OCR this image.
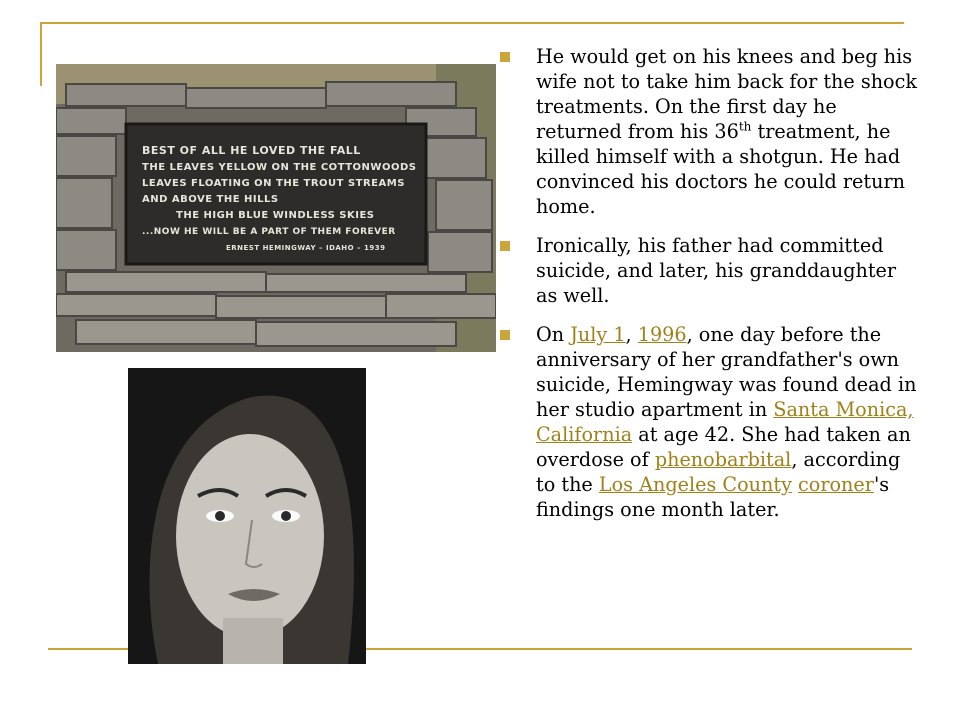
BEST OF ALL HE LOVED THE FALL
THE LEAVES YELLOW ON THE COTTONWOODS
LEAVES FLOATING ON THE TROUT STREAMS
AND ABOVE THE HILLS
THE HIGH BLUE WINDLESS SKIES
...NOW HE WILL BE A PART OF THEM FOREVER
ERNEST HEMINGWAY – IDAHO – 1939
He would get on his knees and beg his wife not to take him back for the shock treatments. On the first day he returned from his 36th treatment, he killed himself with a shotgun. He had convinced his doctors he could return home.
Ironically, his father had committed suicide, and later, his granddaughter as well.
On July 1, 1996, one day before the anniversary of her grandfather's own suicide, Hemingway was found dead in her studio apartment in Santa Monica, California at age 42. She had taken an overdose of phenobarbital, according to the Los Angeles County coroner's findings one month later.
